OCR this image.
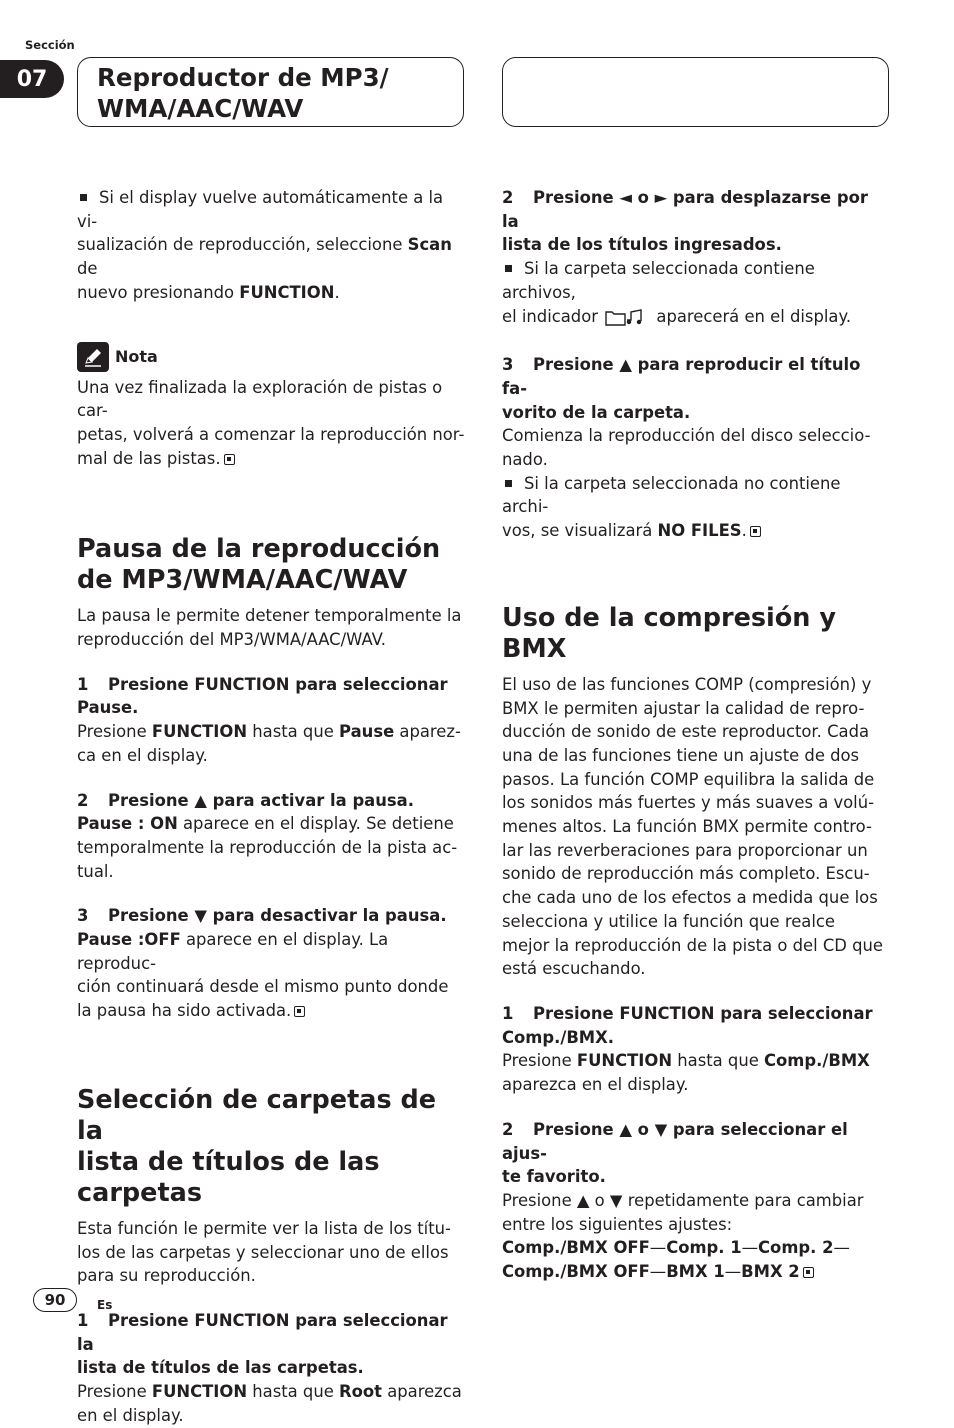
Sección
07	Reproductor de MP3/
WMA/AAC/WAV

Si el display vuelve automáticamente a la vi-
sualización de reproducción, seleccione Scan de
nuevo presionando FUNCTION.

Nota

Una vez finalizada la exploración de pistas o car-
petas, volverá a comenzar la reproducción nor-
mal de las pistas.

Pausa de la reproducción
de MP3/WMA/AAC/WAV

La pausa le permite detener temporalmente la
reproducción del MP3/WMA/AAC/WAV.

1 Presione FUNCTION para seleccionar
Pause.

Presione FUNCTION hasta que Pause aparez-
ca en el display.

2 Presione ▲ para activar la pausa.

Pause : ON aparece en el display. Se detiene
temporalmente la reproducción de la pista ac-
tual.

3 Presione ▼ para desactivar la pausa.

Pause :OFF aparece en el display. La reproduc-
ción continuará desde el mismo punto donde
la pausa ha sido activada.

Selección de carpetas de la
lista de títulos de las carpetas

Esta función le permite ver la lista de los títu-
los de las carpetas y seleccionar uno de ellos
para su reproducción.

1 Presione FUNCTION para seleccionar la
lista de títulos de las carpetas.

Presione FUNCTION hasta que Root aparezca
en el display.

2 Presione ◄ o ► para desplazarse por la
lista de los títulos ingresados.

Si la carpeta seleccionada contiene archivos,
el indicador	aparecerá en el display.

3 Presione ▲ para reproducir el título fa-
vorito de la carpeta.

Comienza la reproducción del disco seleccio-
nado.

Si la carpeta seleccionada no contiene archi-
vos, se visualizará NO FILES.

Uso de la compresión y BMX

El uso de las funciones COMP (compresión) y
BMX le permiten ajustar la calidad de repro-
ducción de sonido de este reproductor. Cada
una de las funciones tiene un ajuste de dos
pasos. La función COMP equilibra la salida de
los sonidos más fuertes y más suaves a volú-
menes altos. La función BMX permite contro-
lar las reverberaciones para proporcionar un
sonido de reproducción más completo. Escu-
che cada uno de los efectos a medida que los
selecciona y utilice la función que realce
mejor la reproducción de la pista o del CD que
está escuchando.

1 Presione FUNCTION para seleccionar
Comp./BMX.

Presione FUNCTION hasta que Comp./BMX
aparezca en el display.

2 Presione ▲ o ▼ para seleccionar el ajus-
te favorito.

Presione ▲ o ▼ repetidamente para cambiar
entre los siguientes ajustes:

Comp./BMX OFF—Comp. 1—Comp. 2—
Comp./BMX OFF—BMX 1—BMX 2

90	Es
